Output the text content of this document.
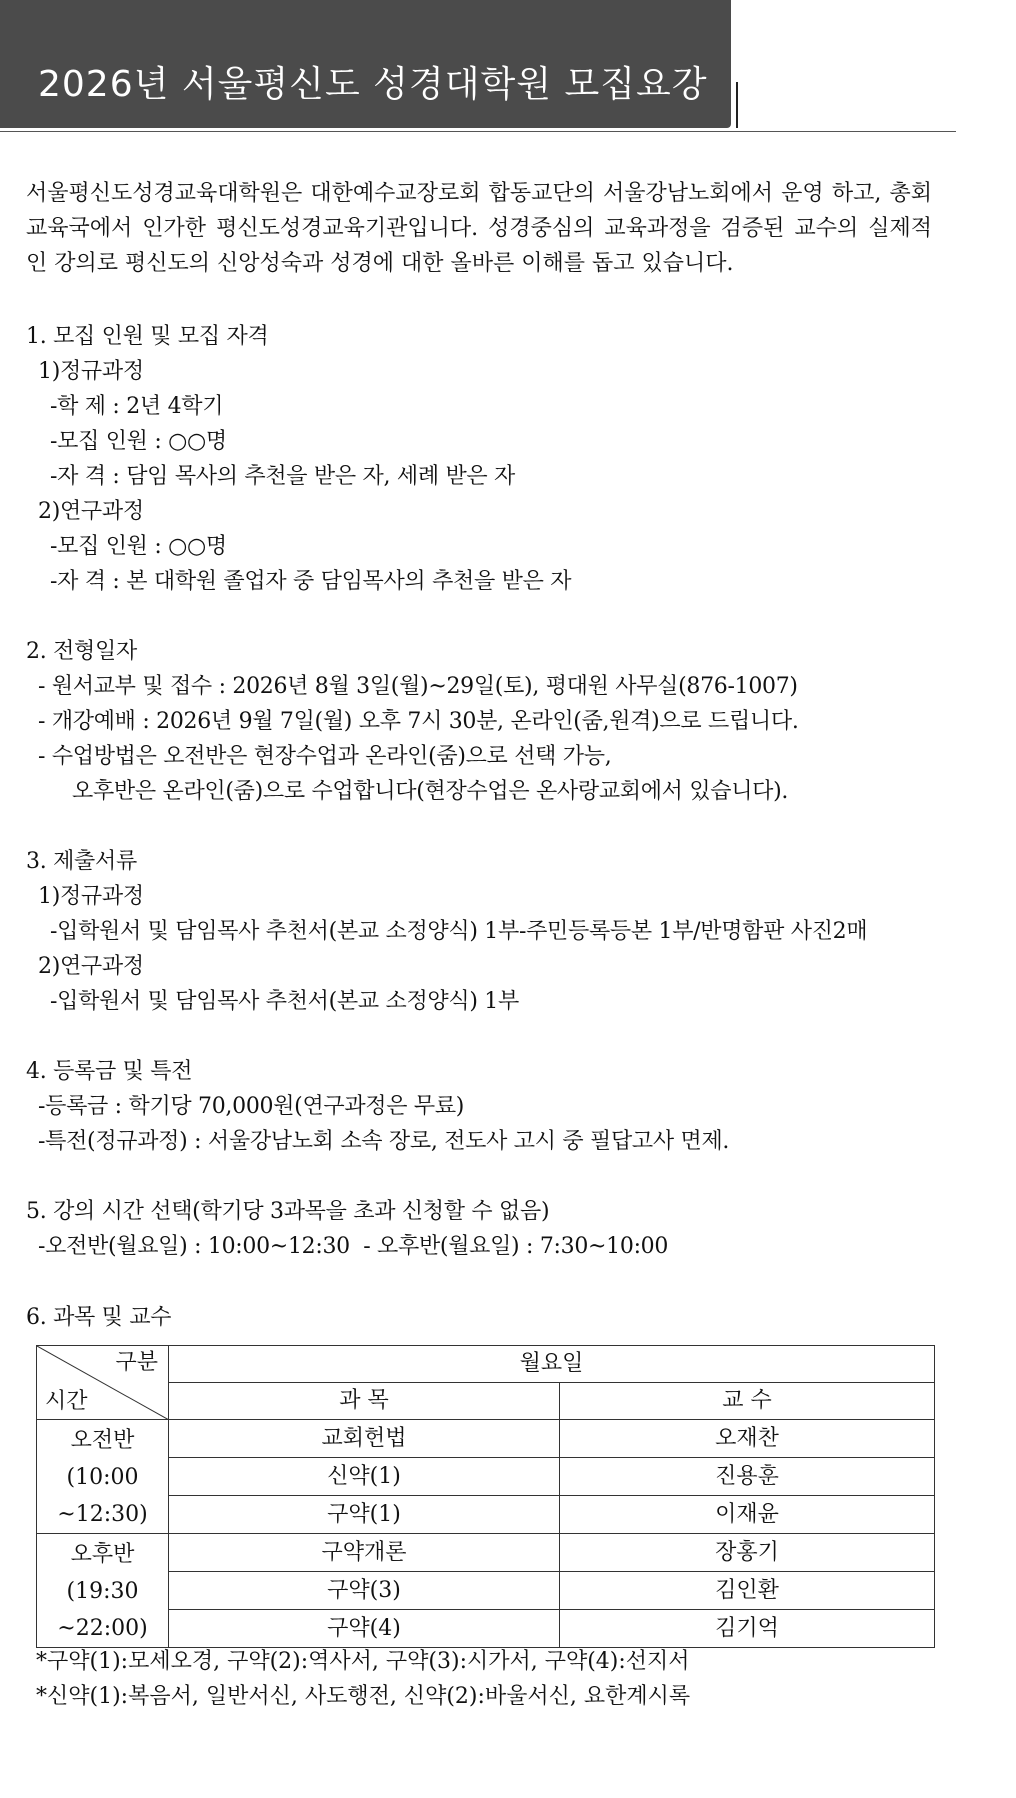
2026년 서울평신도 성경대학원 모집요강
서울평신도성경교육대학원은 대한예수교장로회 합동교단의 서울강남노회에서 운영 하고, 총회교육국에서 인가한 평신도성경교육기관입니다. 성경중심의 교육과정을 검증된 교수의 실제적인 강의로 평신도의 신앙성숙과 성경에 대한 올바른 이해를 돕고 있습니다.
1. 모집 인원 및 모집 자격
1)정규과정
-학 제 : 2년 4학기
-모집 인원 : ○○명
-자 격 : 담임 목사의 추천을 받은 자, 세례 받은 자
2)연구과정
-모집 인원 : ○○명
-자 격 : 본 대학원 졸업자 중 담임목사의 추천을 받은 자
2. 전형일자
- 원서교부 및 접수 : 2026년 8월 3일(월)~29일(토), 평대원 사무실(876-1007)
- 개강예배 : 2026년 9월 7일(월) 오후 7시 30분, 온라인(줌,원격)으로 드립니다.
- 수업방법은 오전반은 현장수업과 온라인(줌)으로 선택 가능,
오후반은 온라인(줌)으로 수업합니다(현장수업은 온사랑교회에서 있습니다).
3. 제출서류
1)정규과정
-입학원서 및 담임목사 추천서(본교 소정양식) 1부-주민등록등본 1부/반명함판 사진2매
2)연구과정
-입학원서 및 담임목사 추천서(본교 소정양식) 1부
4. 등록금 및 특전
-등록금 : 학기당 70,000원(연구과정은 무료)
-특전(정규과정) : 서울강남노회 소속 장로, 전도사 고시 중 필답고사 면제.
5. 강의 시간 선택(학기당 3과목을 초과 신청할 수 없음)
-오전반(월요일) : 10:00~12:30  - 오후반(월요일) : 7:30~10:00
6. 과목 및 교수
구분
시간	월요일	
	과 목	교 수

오전반
(10:00
~12:30)	교회헌법	오재찬
	신약(1)	진용훈
	구약(1)	이재윤

오후반
(19:30
~22:00)	구약개론	장홍기
	구약(3)	김인환
	구약(4)	김기억
*구약(1):모세오경, 구약(2):역사서, 구약(3):시가서, 구약(4):선지서
*신약(1):복음서, 일반서신, 사도행전, 신약(2):바울서신, 요한계시록
